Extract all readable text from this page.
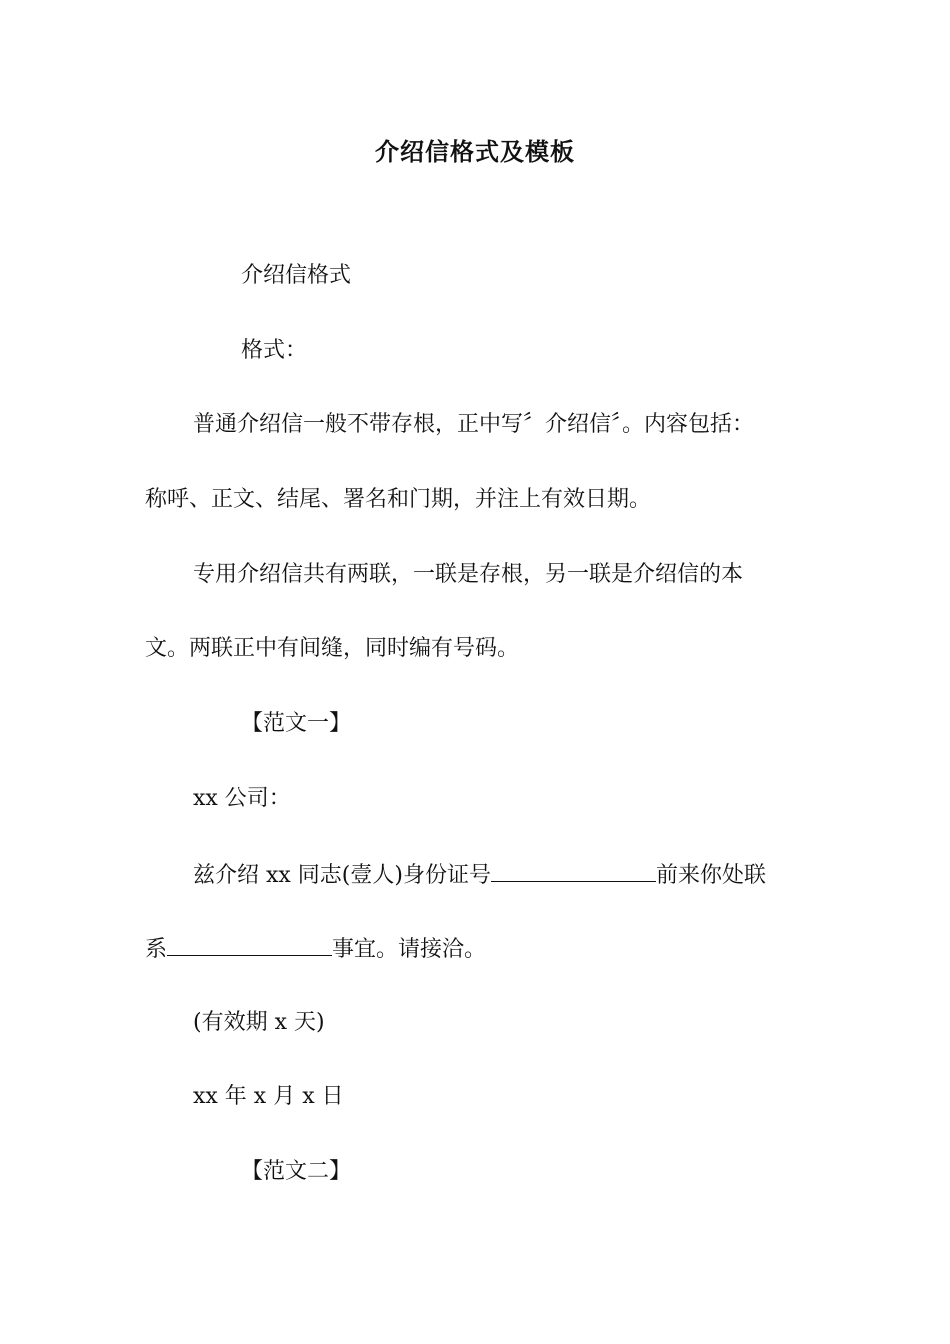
介绍信格式及模板
介绍信格式
格式：
普通介绍信一般不带存根，正中写〞介绍信〞。内容包括：
称呼、正文、结尾、署名和门期，并注上有效日期。
专用介绍信共有两联，一联是存根，另一联是介绍信的本
文。两联正中有间缝，同时编有号码。
【范文一】
xx 公司：
兹介绍 xx 同志(壹人)身份证号	前来你处联
系	事宜。请接洽。
(有效期 x 天)
xx 年 x 月 x 日
【范文二】
